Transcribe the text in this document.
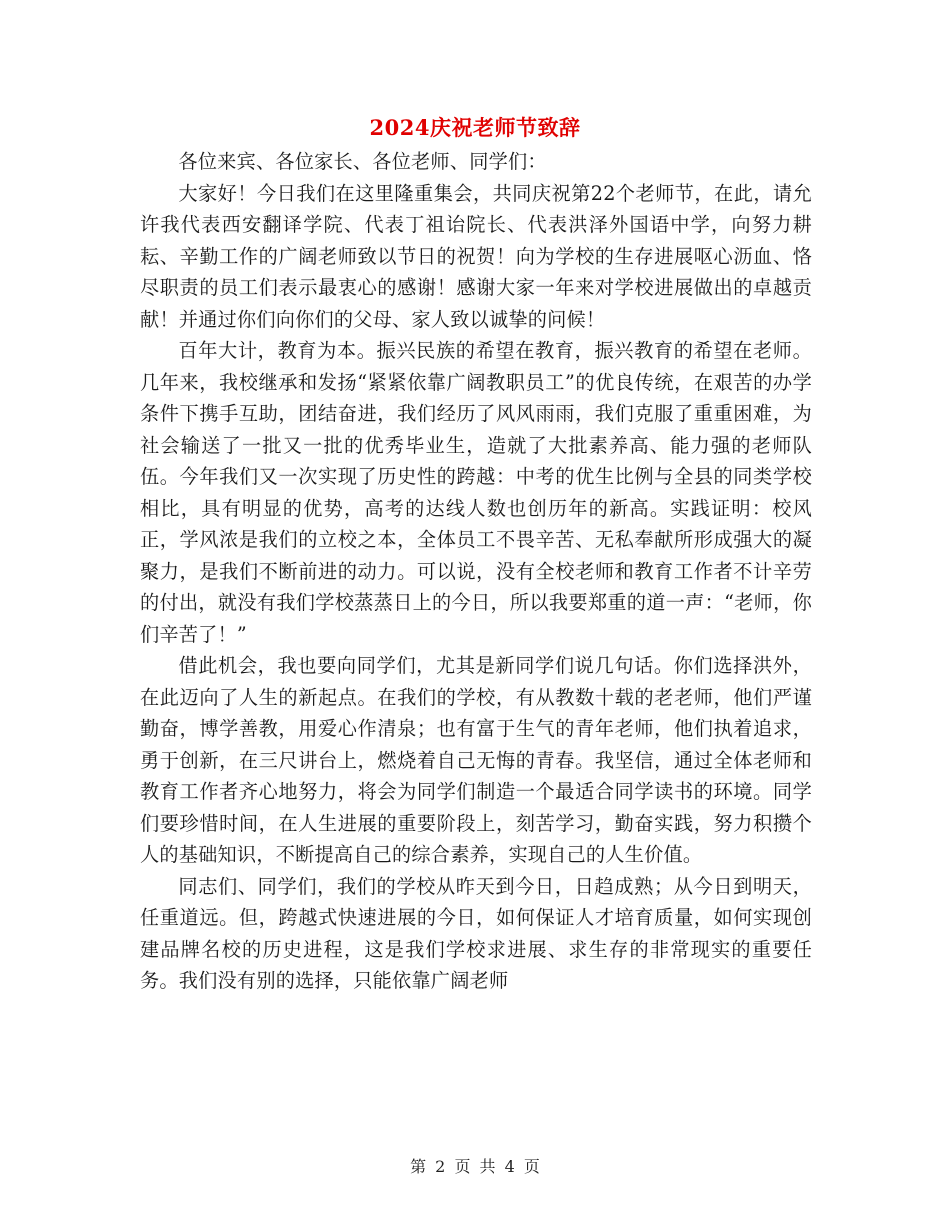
2024庆祝老师节致辞

各位来宾、各位家长、各位老师、同学们：

大家好！今日我们在这里隆重集会，共同庆祝第22个老师节，在此，请允许我代表西安翻译学院、代表丁祖诒院长、代表洪泽外国语中学，向努力耕耘、辛勤工作的广阔老师致以节日的祝贺！向为学校的生存进展呕心沥血、恪尽职责的员工们表示最衷心的感谢！感谢大家一年来对学校进展做出的卓越贡献！并通过你们向你们的父母、家人致以诚挚的问候！

百年大计，教育为本。振兴民族的希望在教育，振兴教育的希望在老师。几年来，我校继承和发扬“紧紧依靠广阔教职员工”的优良传统，在艰苦的办学条件下携手互助，团结奋进，我们经历了风风雨雨，我们克服了重重困难，为社会输送了一批又一批的优秀毕业生，造就了大批素养高、能力强的老师队伍。今年我们又一次实现了历史性的跨越：中考的优生比例与全县的同类学校相比，具有明显的优势，高考的达线人数也创历年的新高。实践证明：校风正，学风浓是我们的立校之本，全体员工不畏辛苦、无私奉献所形成强大的凝聚力，是我们不断前进的动力。可以说，没有全校老师和教育工作者不计辛劳的付出，就没有我们学校蒸蒸日上的今日，所以我要郑重的道一声：“老师，你们辛苦了！”

借此机会，我也要向同学们，尤其是新同学们说几句话。你们选择洪外，在此迈向了人生的新起点。在我们的学校，有从教数十载的老老师，他们严谨勤奋，博学善教，用爱心作清泉；也有富于生气的青年老师，他们执着追求，勇于创新，在三尺讲台上，燃烧着自己无悔的青春。我坚信，通过全体老师和教育工作者齐心地努力，将会为同学们制造一个最适合同学读书的环境。同学们要珍惜时间，在人生进展的重要阶段上，刻苦学习，勤奋实践，努力积攒个人的基础知识，不断提高自己的综合素养，实现自己的人生价值。

同志们、同学们，我们的学校从昨天到今日，日趋成熟；从今日到明天，任重道远。但，跨越式快速进展的今日，如何保证人才培育质量，如何实现创建品牌名校的历史进程，这是我们学校求进展、求生存的非常现实的重要任务。我们没有别的选择，只能依靠广阔老师

第 2 页 共 4 页
